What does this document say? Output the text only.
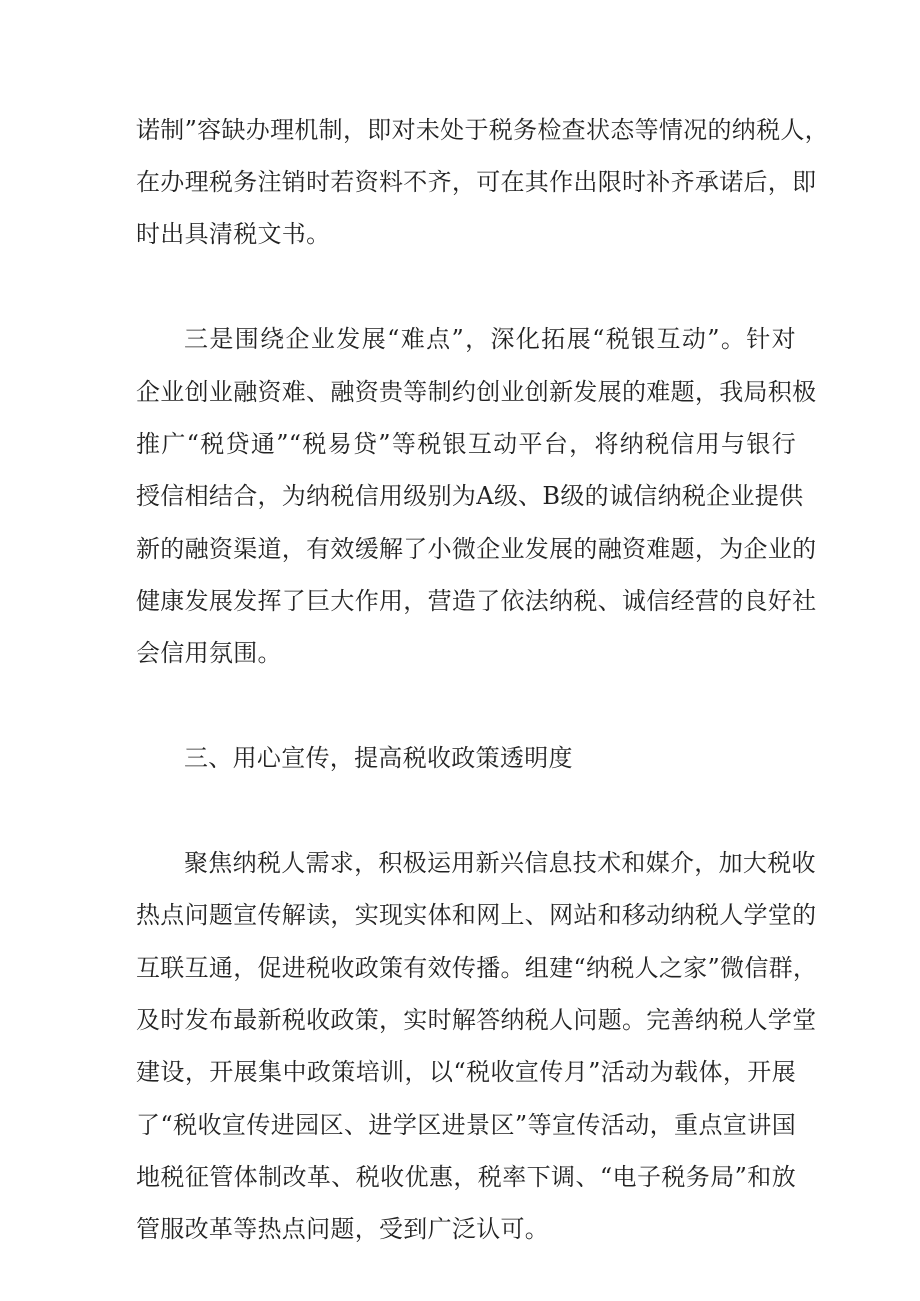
诺制”容缺办理机制，即对未处于税务检查状态等情况的纳税人，
在办理税务注销时若资料不齐，可在其作出限时补齐承诺后，即
时出具清税文书。
三是围绕企业发展“难点”，深化拓展“税银互动”。针对
企业创业融资难、融资贵等制约创业创新发展的难题，我局积极
推广“税贷通”“税易贷”等税银互动平台，将纳税信用与银行
授信相结合，为纳税信用级别为A级、B级的诚信纳税企业提供
新的融资渠道，有效缓解了小微企业发展的融资难题，为企业的
健康发展发挥了巨大作用，营造了依法纳税、诚信经营的良好社
会信用氛围。
三、用心宣传，提高税收政策透明度
聚焦纳税人需求，积极运用新兴信息技术和媒介，加大税收
热点问题宣传解读，实现实体和网上、网站和移动纳税人学堂的
互联互通，促进税收政策有效传播。组建“纳税人之家”微信群，
及时发布最新税收政策，实时解答纳税人问题。完善纳税人学堂
建设，开展集中政策培训，以“税收宣传月”活动为载体，开展
了“税收宣传进园区、进学区进景区”等宣传活动，重点宣讲国
地税征管体制改革、税收优惠，税率下调、“电子税务局”和放
管服改革等热点问题，受到广泛认可。
